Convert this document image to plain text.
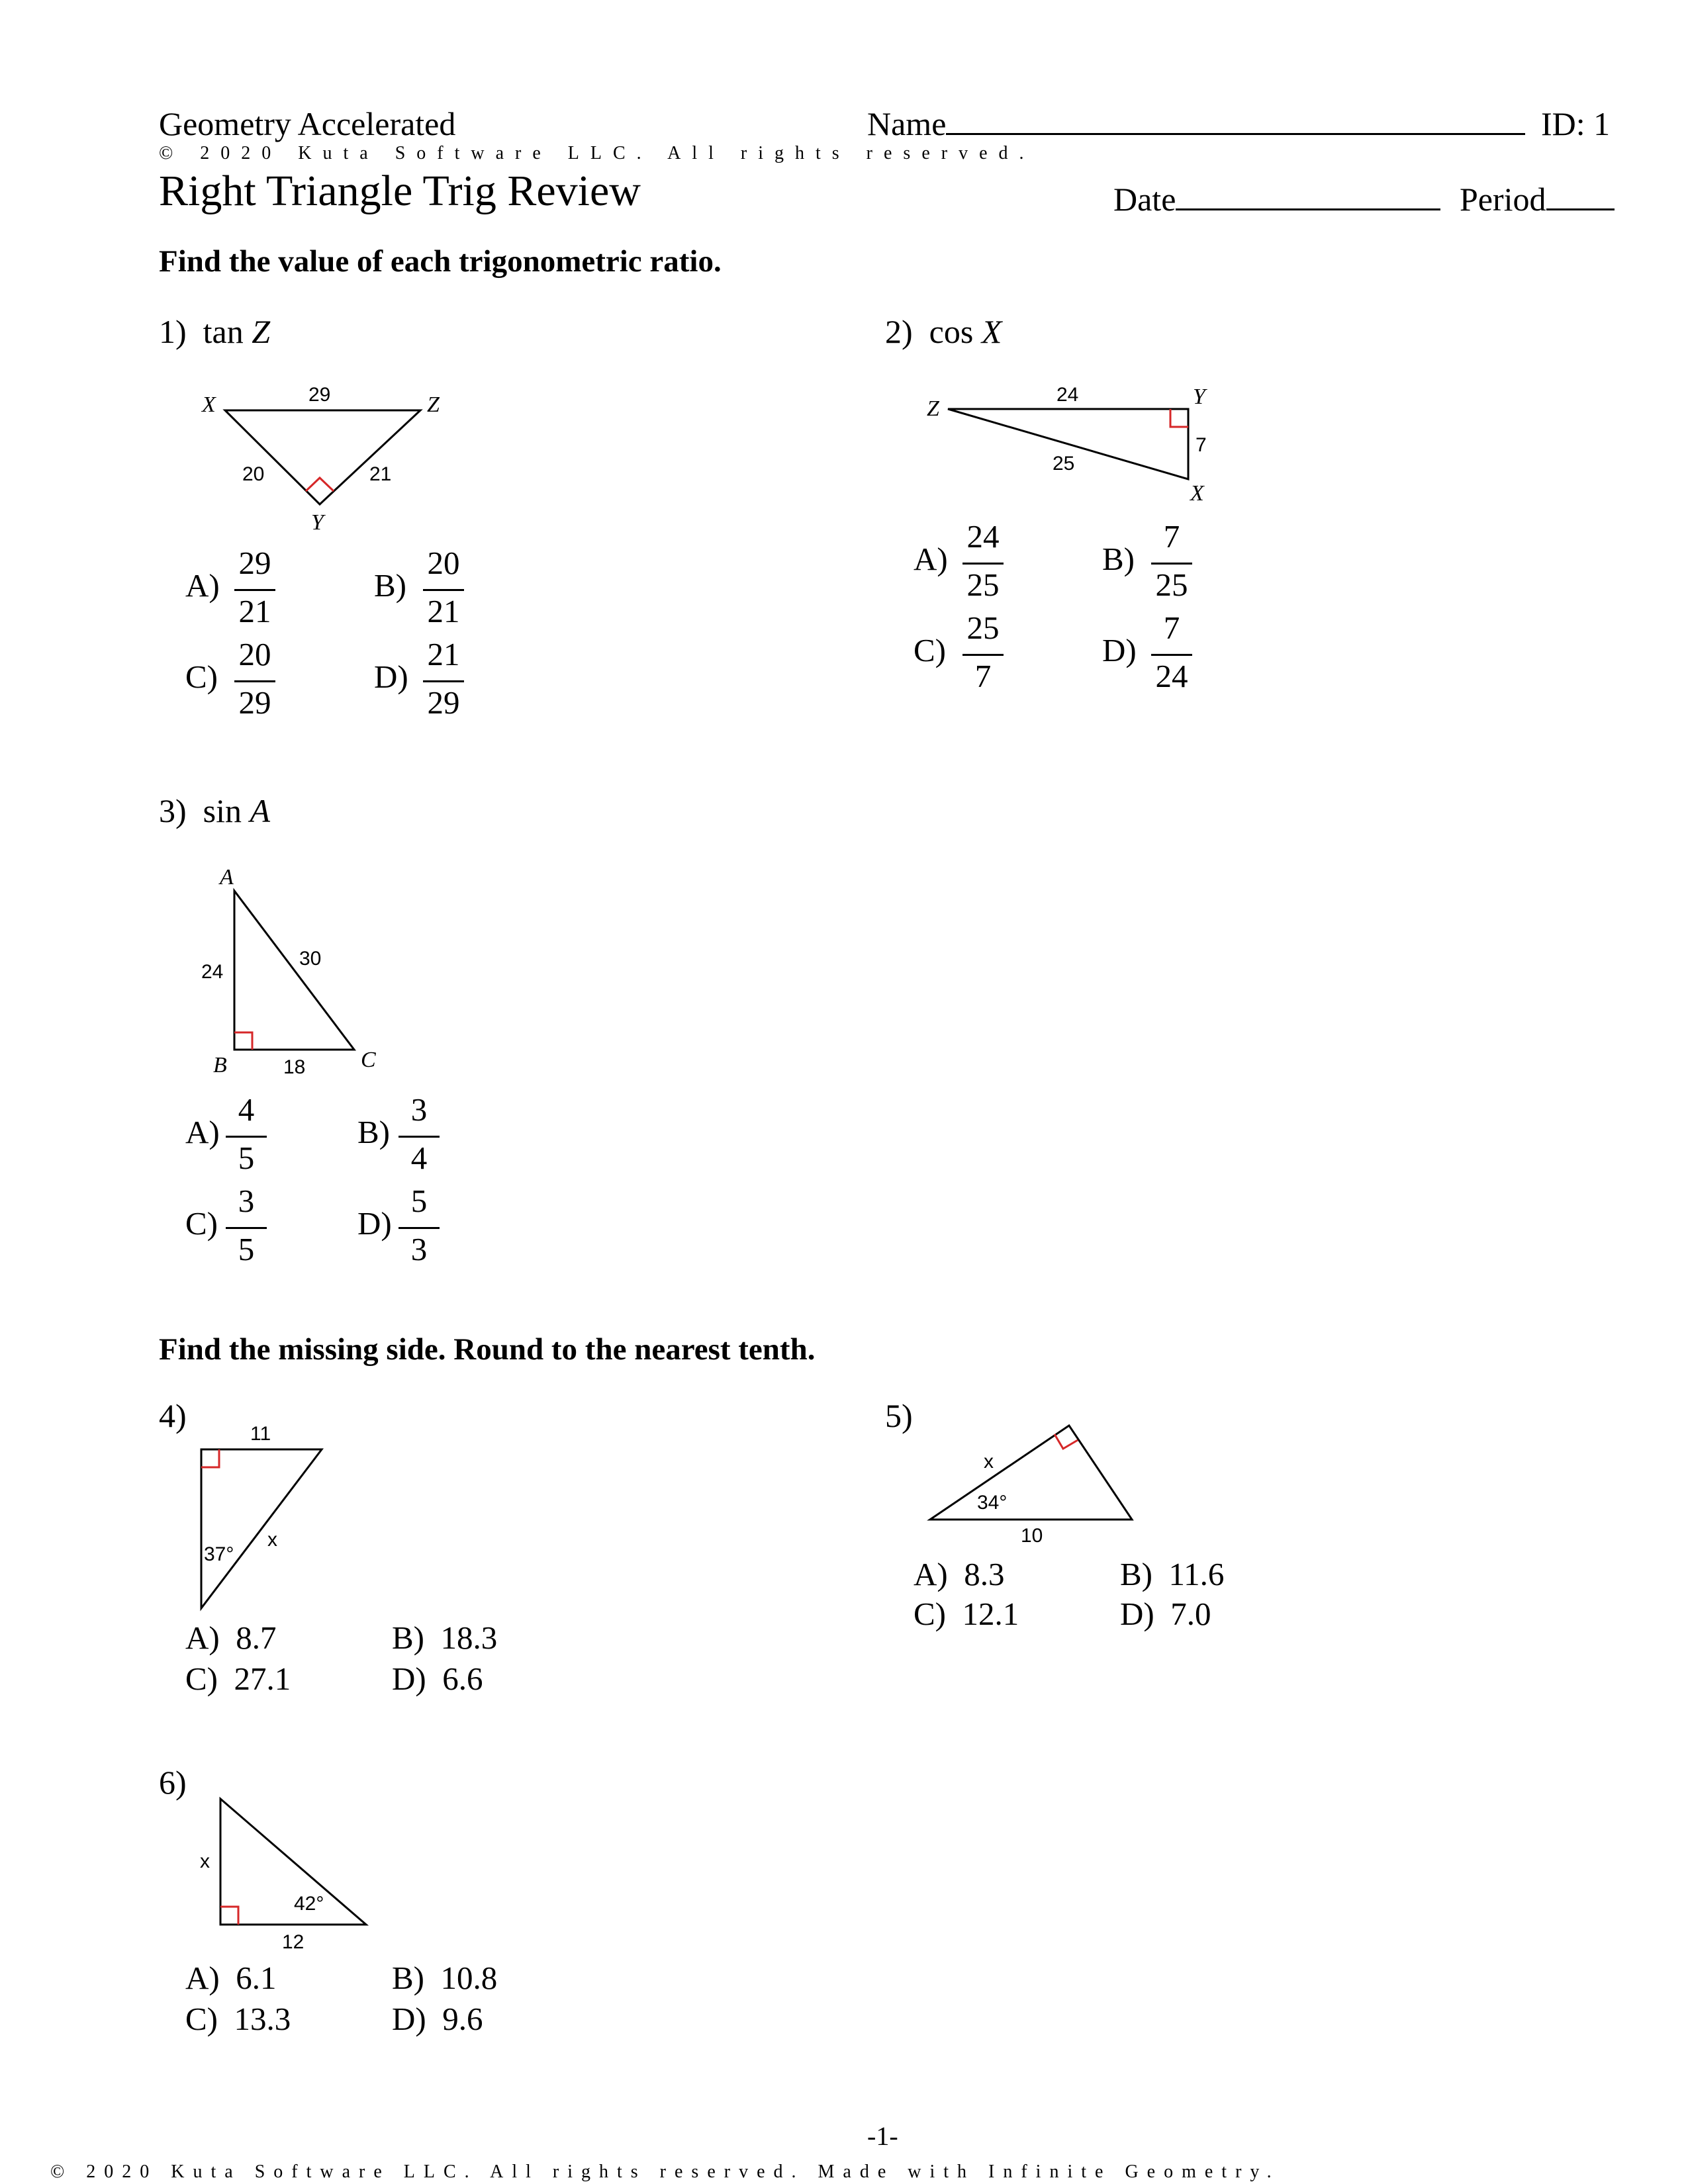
Geometry Accelerated	Name	ID: 1
© 2020 Kuta Software LLC. All rights reserved.
Right Triangle Trig Review	Date	Period
Find the value of each trigonometric ratio.
1) tan Z
X	Z
Y
29
20	21
A)
29
21
B)
20
21
C)
20
29
D)
21
29
2) cos X
Z	Y
X
24
7
25
A)
24
25
B)
7
25
C)
25
7
D)
7
24
3) sin A
A
B	C
24
30
18
A)
4
5
B)
3
4
C)
3
5
D)
5
3
Find the missing side. Round to the nearest tenth.
4)	11
x
37°
A) 8.7	B) 18.3
C) 27.1	D) 6.6
5)
x
34°
10
A) 8.3	B) 11.6
C) 12.1	D) 7.0
6)
x
42°
12
A) 6.1	B) 10.8
C) 13.3	D) 9.6
-1-
© 2020 Kuta Software LLC. All rights reserved. Made with Infinite Geometry.
